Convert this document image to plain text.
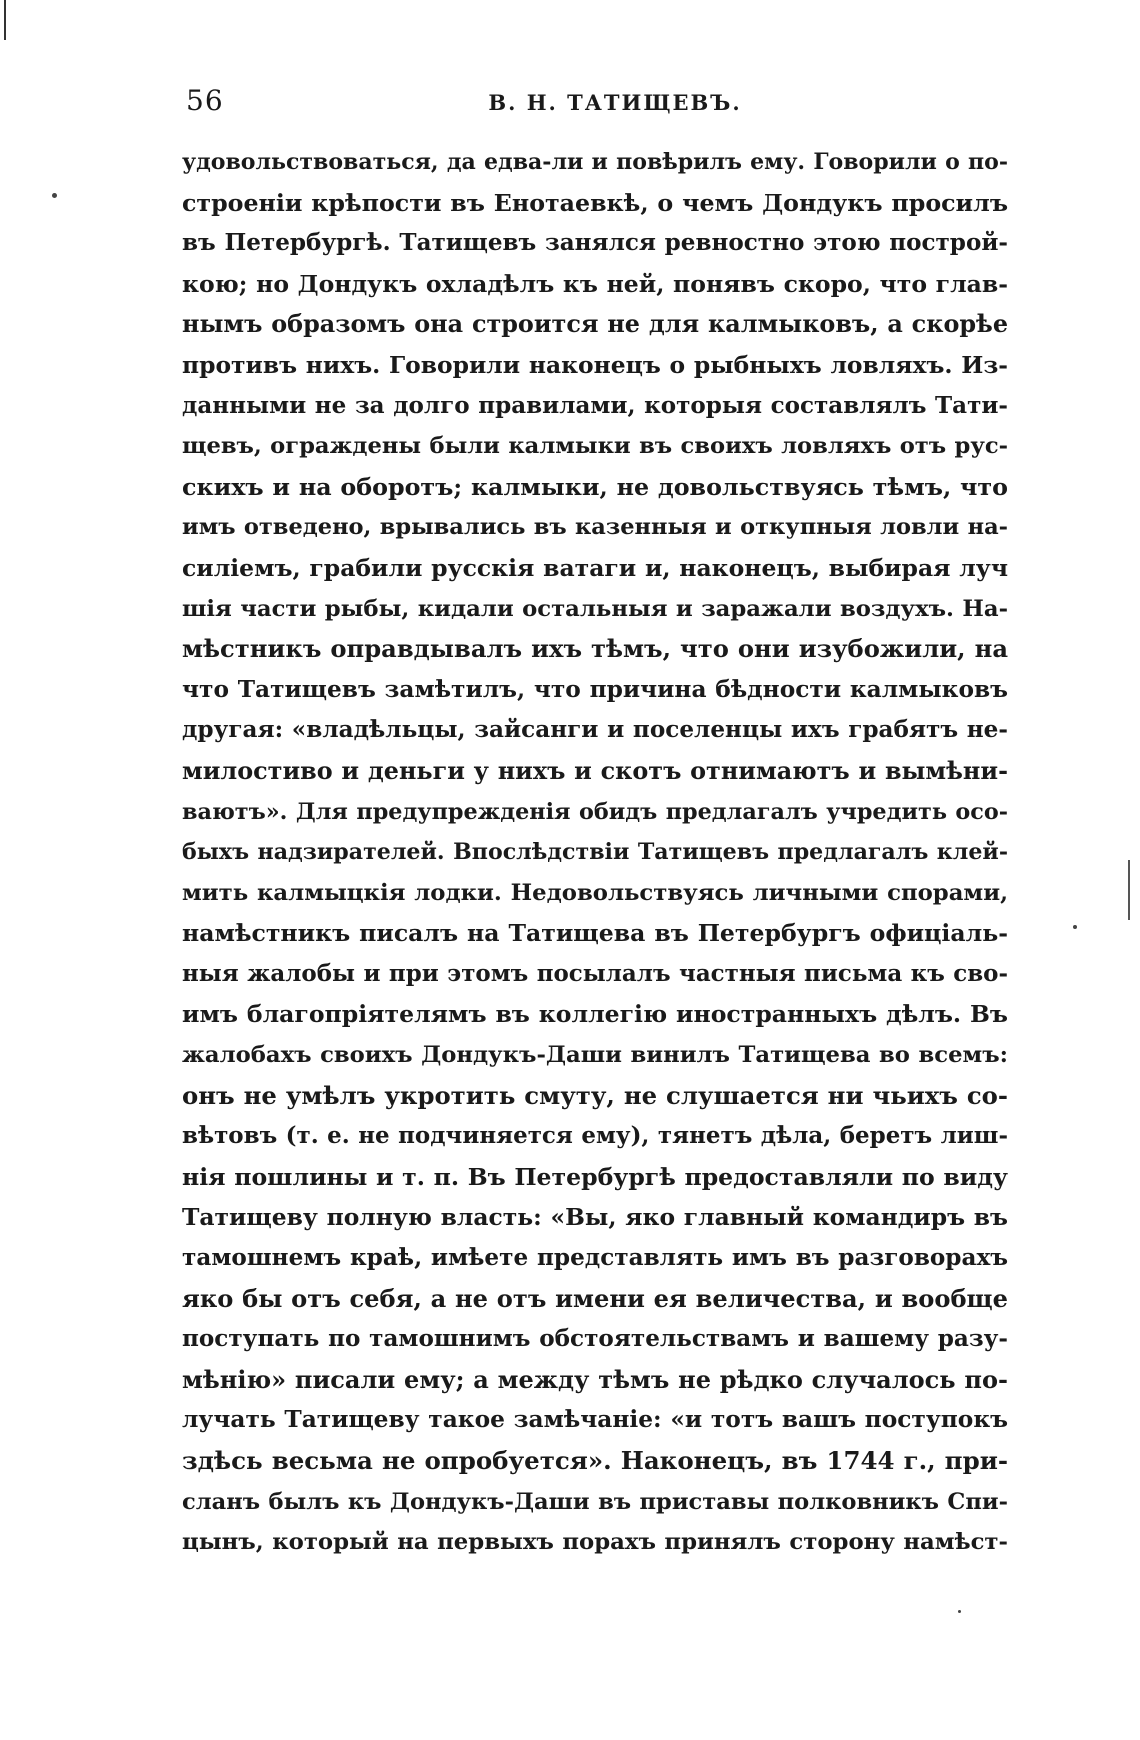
56	В. Н. ТАТИЩЕВЪ.
удовольствоваться, да едва-ли и повѣрилъ ему. Говорили о по-
строеніи крѣпости въ Енотаевкѣ, о чемъ Дондукъ просилъ
въ Петербургѣ. Татищевъ занялся ревностно этою построй-
кою; но Дондукъ охладѣлъ къ ней, понявъ скоро, что глав-
нымъ образомъ она строится не для калмыковъ, а скорѣе
противъ нихъ. Говорили наконецъ о рыбныхъ ловляхъ. Из-
данными не за долго правилами, которыя составлялъ Тати-
щевъ, ограждены были калмыки въ своихъ ловляхъ отъ рус-
скихъ и на оборотъ; калмыки, не довольствуясь тѣмъ, что
имъ отведено, врывались въ казенныя и откупныя ловли на-
силіемъ, грабили русскія ватаги и, наконецъ, выбирая луч
шія части рыбы, кидали остальныя и заражали воздухъ. На-
мѣстникъ оправдывалъ ихъ тѣмъ, что они изубожили, на
что Татищевъ замѣтилъ, что причина бѣдности калмыковъ
другая: «владѣльцы, зайсанги и поселенцы ихъ грабятъ не-
милостиво и деньги у нихъ и скотъ отнимаютъ и вымѣни-
ваютъ». Для предупрежденія обидъ предлагалъ учредить осо-
быхъ надзирателей. Впослѣдствіи Татищевъ предлагалъ клей-
мить калмыцкія лодки. Недовольствуясь личными спорами,
намѣстникъ писалъ на Татищева въ Петербургъ офиціаль-
ныя жалобы и при этомъ посылалъ частныя письма къ сво-
имъ благопріятелямъ въ коллегію иностранныхъ дѣлъ. Въ
жалобахъ своихъ Дондукъ-Даши винилъ Татищева во всемъ:
онъ не умѣлъ укротить смуту, не слушается ни чьихъ со-
вѣтовъ (т. е. не подчиняется ему), тянетъ дѣла, беретъ лиш-
нія пошлины и т. п. Въ Петербургѣ предоставляли по виду
Татищеву полную власть: «Вы, яко главный командиръ въ
тамошнемъ краѣ, имѣете представлять имъ въ разговорахъ
яко бы отъ себя, а не отъ имени ея величества, и вообще
поступать по тамошнимъ обстоятельствамъ и вашему разу-
мѣнію» писали ему; а между тѣмъ не рѣдко случалось по-
лучать Татищеву такое замѣчаніе: «и тотъ вашъ поступокъ
здѣсь весьма не опробуется». Наконецъ, въ 1744 г., при-
сланъ былъ къ Дондукъ-Даши въ приставы полковникъ Спи-
цынъ, который на первыхъ порахъ принялъ сторону намѣст-
